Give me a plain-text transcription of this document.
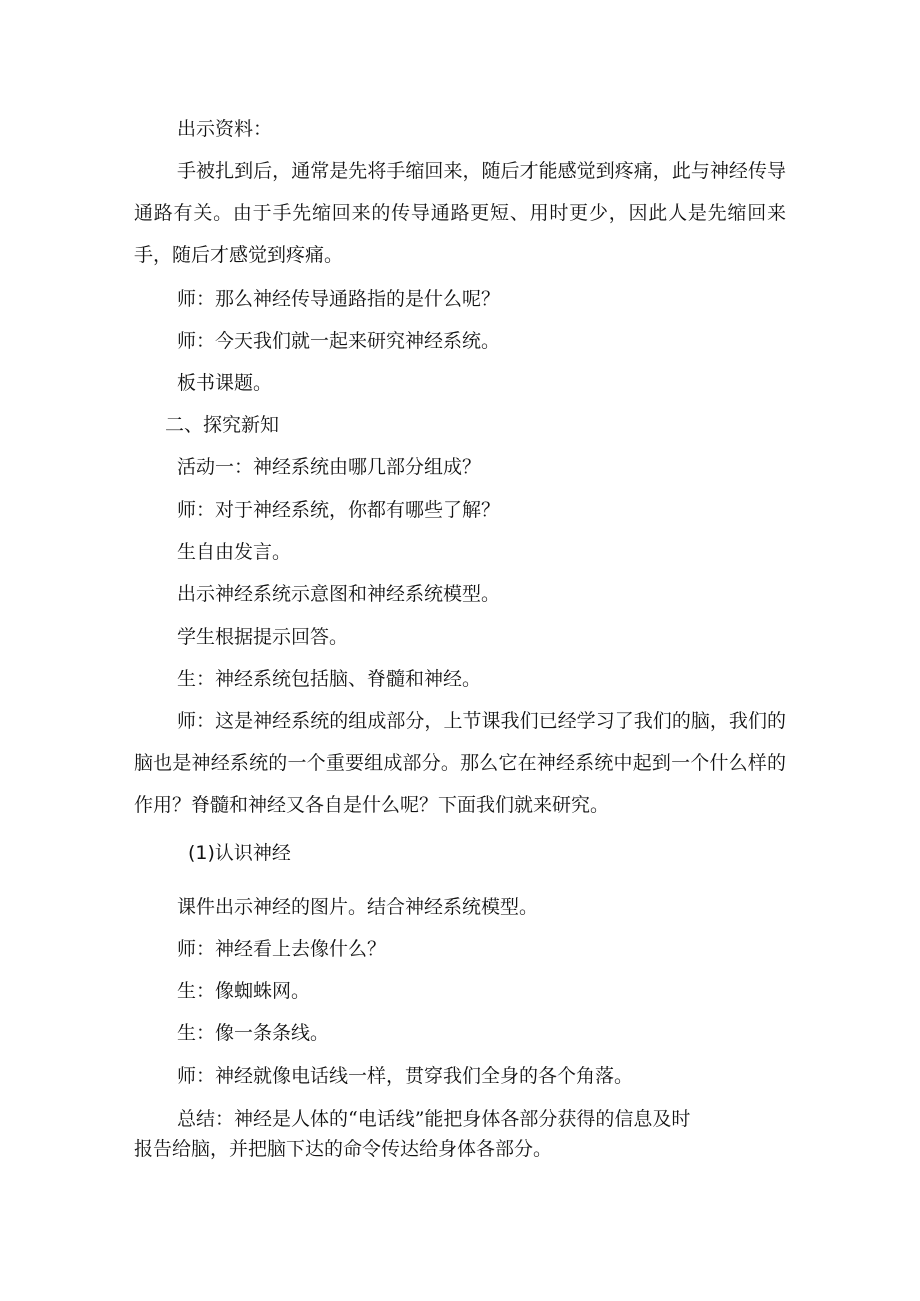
出示资料：

手被扎到后，通常是先将手缩回来，随后才能感觉到疼痛，此与神经传导通路有关。由于手先缩回来的传导通路更短、用时更少，因此人是先缩回来手，随后才感觉到疼痛。

师：那么神经传导通路指的是什么呢？

师：今天我们就一起来研究神经系统。

板书课题。

二、探究新知

活动一：神经系统由哪几部分组成？

师：对于神经系统，你都有哪些了解？

生自由发言。

出示神经系统示意图和神经系统模型。

学生根据提示回答。

生：神经系统包括脑、脊髓和神经。

师：这是神经系统的组成部分，上节课我们已经学习了我们的脑，我们的脑也是神经系统的一个重要组成部分。那么它在神经系统中起到一个什么样的作用？脊髓和神经又各自是什么呢？下面我们就来研究。

(1)认识神经

课件出示神经的图片。结合神经系统模型。

师：神经看上去像什么？

生：像蜘蛛网。

生：像一条条线。

师：神经就像电话线一样，贯穿我们全身的各个角落。

总结：神经是人体的“电话线”能把身体各部分获得的信息及时

报告给脑，并把脑下达的命令传达给身体各部分。
